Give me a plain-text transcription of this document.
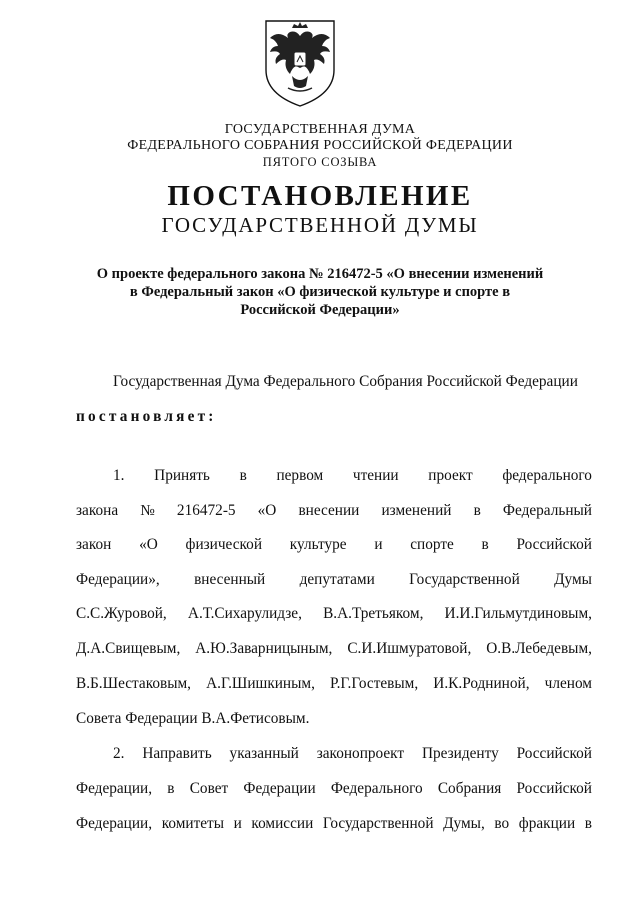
ГОСУДАРСТВЕННАЯ ДУМА
ФЕДЕРАЛЬНОГО СОБРАНИЯ РОССИЙСКОЙ ФЕДЕРАЦИИ
ПЯТОГО СОЗЫВА
ПОСТАНОВЛЕНИЕ
ГОСУДАРСТВЕННОЙ ДУМЫ
О проекте федерального закона № 216472-5 «О внесении изменений в Федеральный закон «О физической культуре и спорте в Российской Федерации»
Государственная Дума Федерального Собрания Российской Федерации
постановляет:
1. Принять в первом чтении проект федерального
закона № 216472-5 «О внесении изменений в Федеральный
закон «О физической культуре и спорте в Российской
Федерации», внесенный депутатами Государственной Думы
С.С.Журовой, А.Т.Сихарулидзе, В.А.Третьяком, И.И.Гильмутдиновым,
Д.А.Свищевым, А.Ю.Заварницыным, С.И.Ишмуратовой, О.В.Лебедевым,
В.Б.Шестаковым, А.Г.Шишкиным, Р.Г.Гостевым, И.К.Родниной, членом
Совета Федерации В.А.Фетисовым.
2. Направить указанный законопроект Президенту Российской
Федерации, в Совет Федерации Федерального Собрания Российской
Федерации, комитеты и комиссии Государственной Думы, во фракции в
